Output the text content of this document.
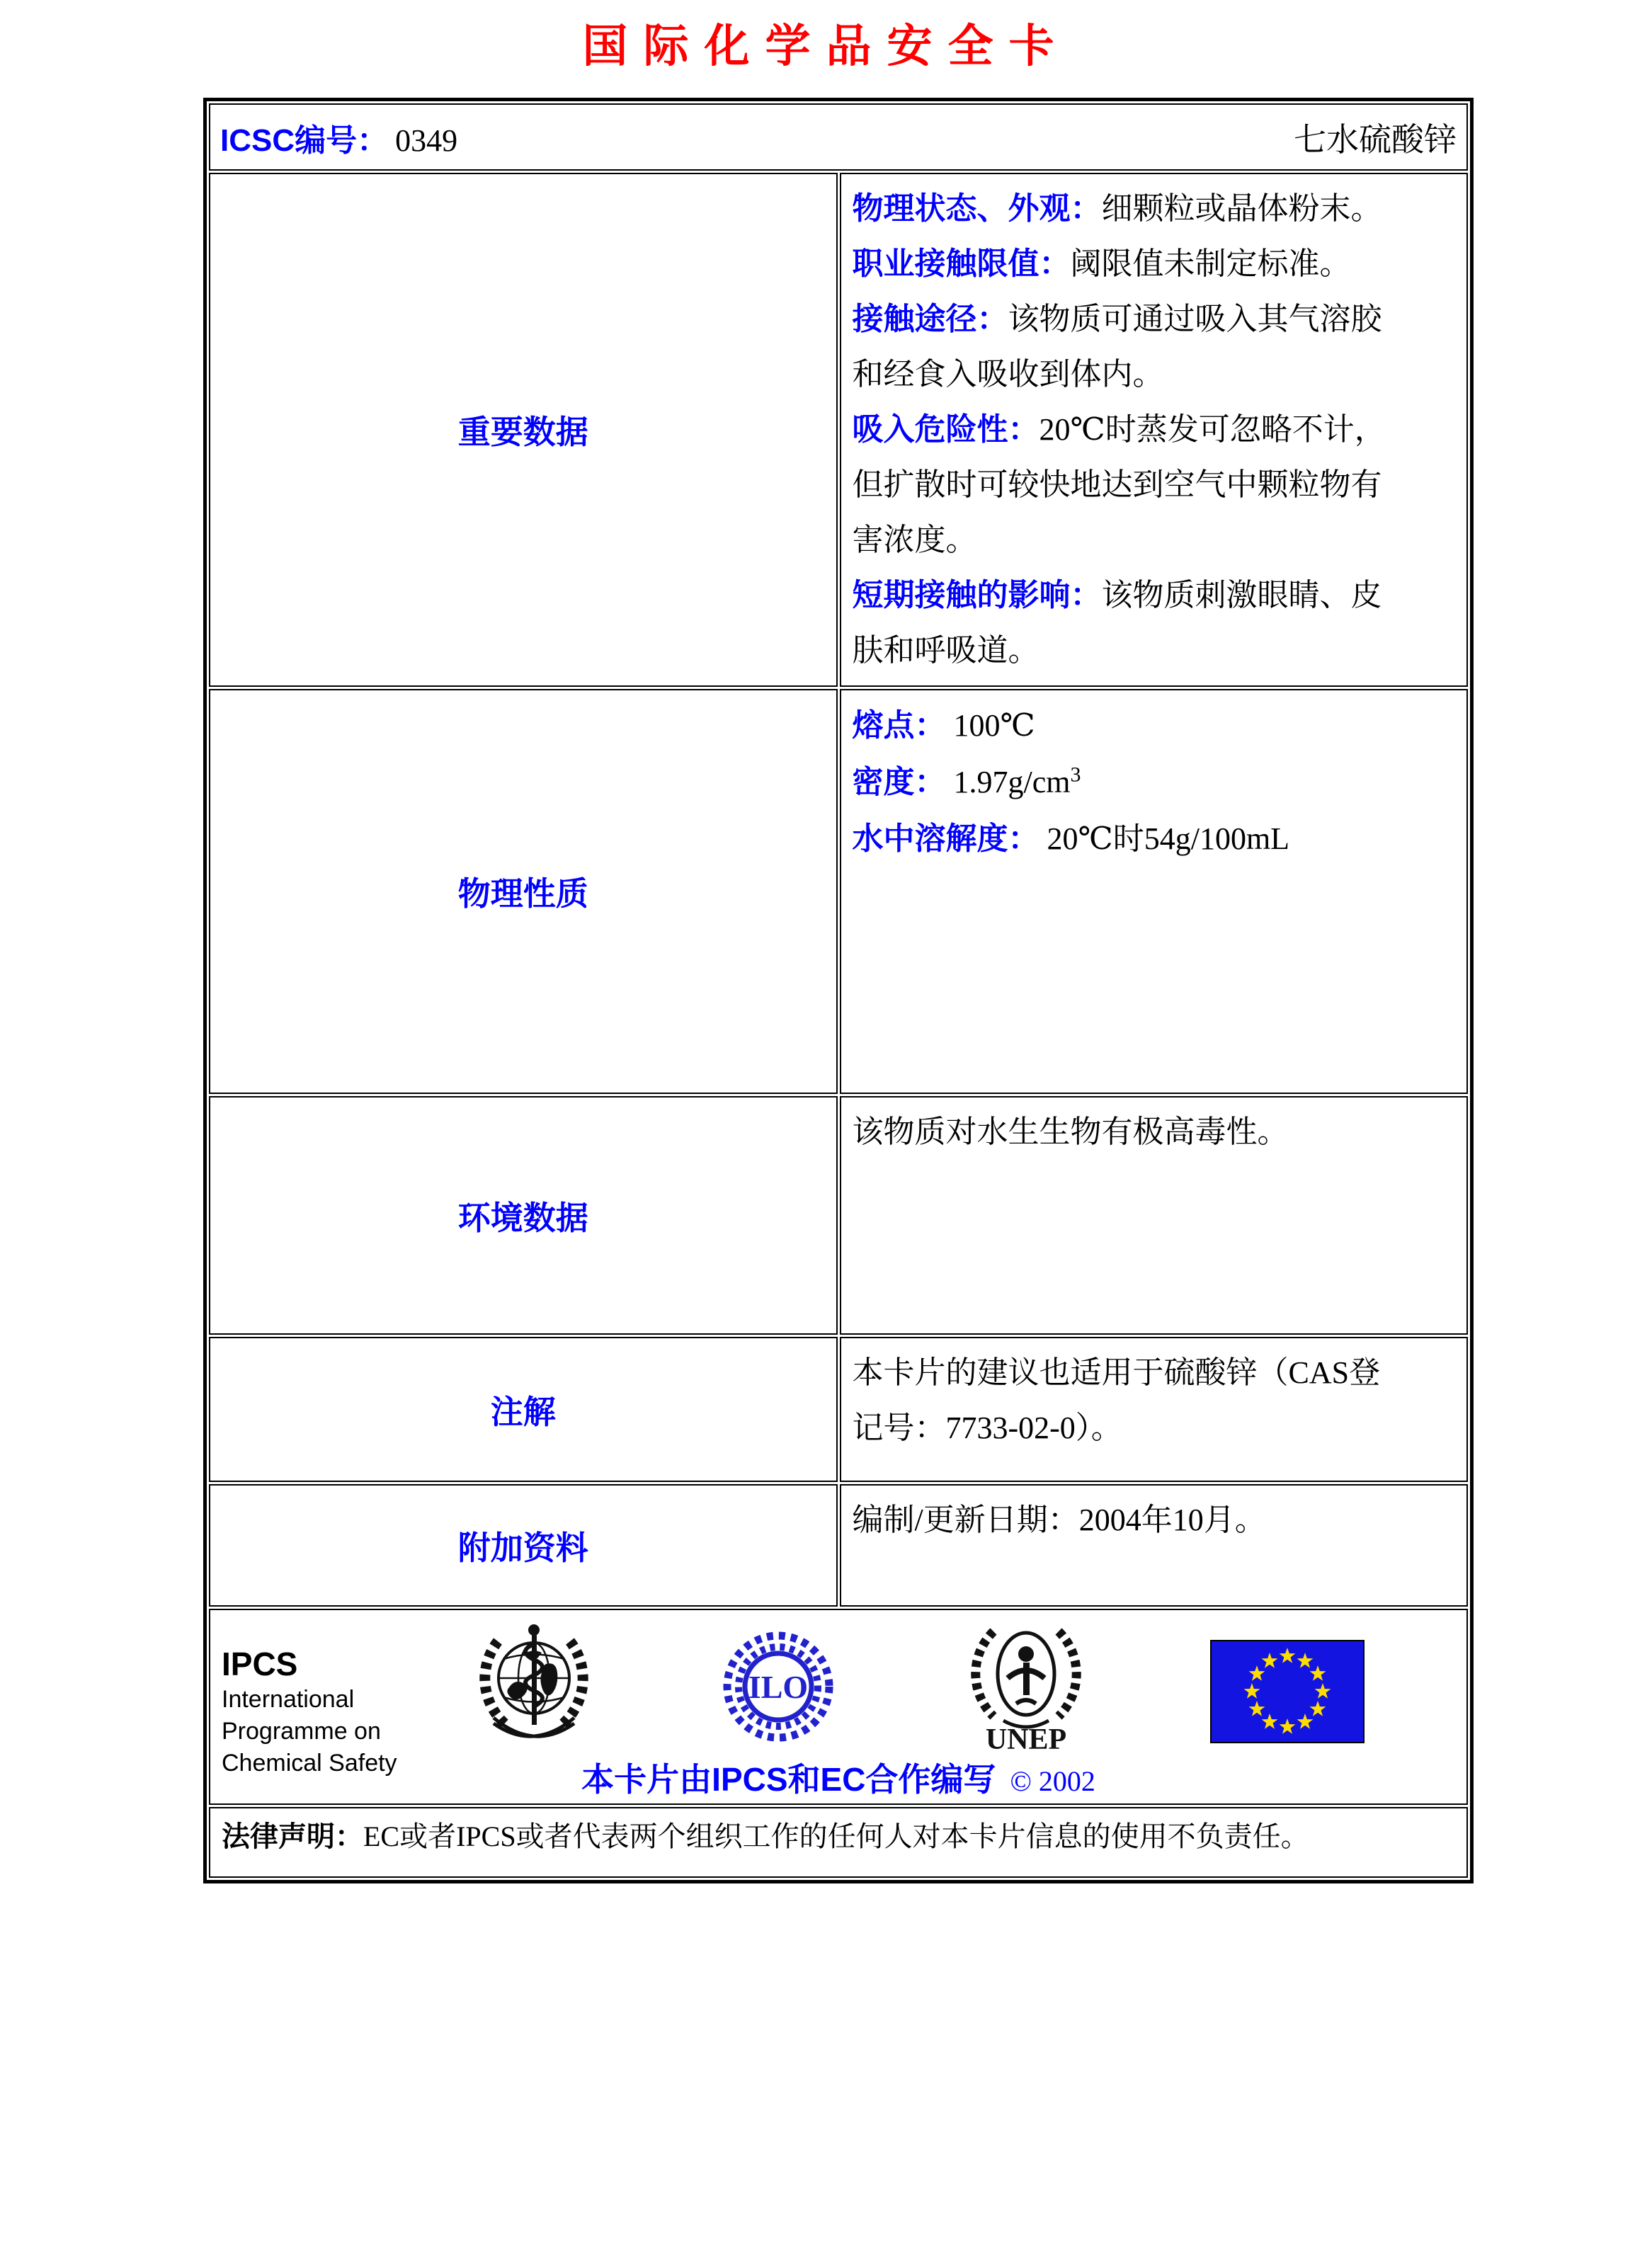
国际化学品安全卡
ICSC编号： 0349 七水硫酸锌	

重要数据	物理状态、外观：细颗粒或晶体粉末。
职业接触限值：阈限值未制定标准。
接触途径：该物质可通过吸入其气溶胶和经食入吸收到体内。
吸入危险性：20℃时蒸发可忽略不计，但扩散时可较快地达到空气中颗粒物有害浓度。
短期接触的影响：该物质刺激眼睛、皮肤和呼吸道。

物理性质	熔点： 100℃
密度： $1.97g/cm^3$
水中溶解度： 20℃时54g/100mL

环境数据	该物质对水生生物有极高毒性。

注解	本卡片的建议也适用于硫酸锌（CAS登记号：7733-02-0）。

附加资料	编制/更新日期：2004年10月。

IPCS
International
Programme on
Chemical Safety
ILO
UNEP
本卡片由IPCS和EC合作编写 © 2002

法律声明：EC或者IPCS或者代表两个组织工作的任何人对本卡片信息的使用不负责任。	
